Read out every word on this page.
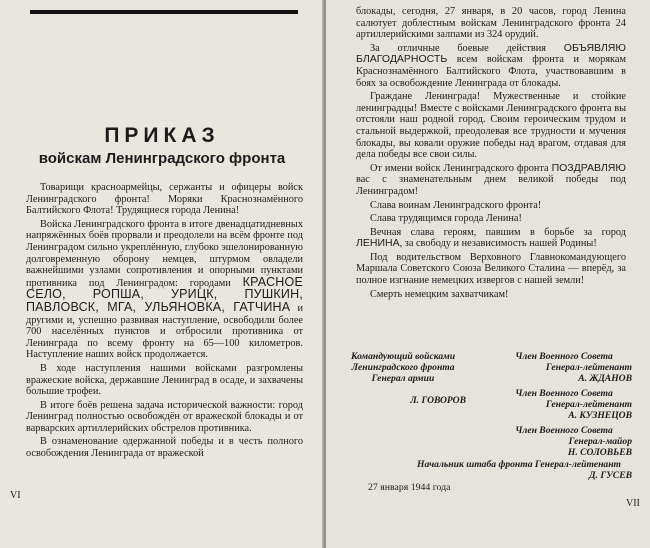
ПРИКАЗ
войскам Ленинградского фронта

Товарищи красноармейцы, сержанты и офицеры войск Ленинградского фронта! Моряки Краснознамённого Балтийского Флота! Трудящиеся города Ленина!

Войска Ленинградского фронта в итоге двенадцатидневных напряжённых боёв прорвали и преодолели на всём фронте под Ленинградом сильно укреплённую, глубоко эшелонированную долговременную оборону немцев, штурмом овладели важнейшими узлами сопротивления и опорными пунктами противника под Ленинградом: городами КРАСНОЕ СЕЛО, РОПША, УРИЦК, ПУШКИН, ПАВЛОВСК, МГА, УЛЬЯНОВКА, ГАТЧИНА и другими и, успешно развивая наступление, освободили более 700 населённых пунктов и отбросили противника от Ленинграда по всему фронту на 65—100 километров. Наступление наших войск продолжается.

В ходе наступления нашими войсками разгромлены вражеские войска, державшие Ленинград в осаде, и захвачены большие трофеи.

В итоге боёв решена задача исторической важности: город Ленинград полностью освобождён от вражеской блокады и от варварских артиллерийских обстрелов противника.

В ознаменование одержанной победы и в честь полного освобождения Ленинграда от вражеской

VI

блокады, сегодня, 27 января, в 20 часов, город Ленина салютует доблестным войскам Ленинградского фронта 24 артиллерийскими залпами из 324 орудий.

За отличные боевые действия ОБЪЯВЛЯЮ БЛАГОДАРНОСТЬ всем войскам фронта и морякам Краснознамённого Балтийского Флота, участвовавшим в боях за освобождение Ленинграда от блокады.

Граждане Ленинграда! Мужественные и стойкие ленинградцы! Вместе с войсками Ленинградского фронта вы отстояли наш родной город. Своим героическим трудом и стальной выдержкой, преодолевая все трудности и мучения блокады, вы ковали оружие победы над врагом, отдавая для дела победы все свои силы.

От имени войск Ленинградского фронта ПОЗДРАВЛЯЮ вас с знаменательным днем великой победы под Ленинградом!

Слава воинам Ленинградского фронта!

Слава трудящимся города Ленина!

Вечная слава героям, павшим в борьбе за город ЛЕНИНА, за свободу и независимость нашей Родины!

Под водительством Верховного Главнокомандующего Маршала Советского Союза Великого Сталина — вперёд, за полное изгнание немецких извергов с нашей земли!

Смерть немецким захватчикам!

Командующий войсками
Ленинградского фронта
Генерал армии
Л. ГОВОРОВ
Член Военного Совета
Генерал-лейтенант
А. ЖДАНОВ
Член Военного Совета
Генерал-лейтенант
А. КУЗНЕЦОВ
Член Военного Совета
Генерал-майор
Н. СОЛОВЬЕВ
Начальник штаба фронта Генерал-лейтенант
Д. ГУСЕВ
VII
27 января 1944 года
